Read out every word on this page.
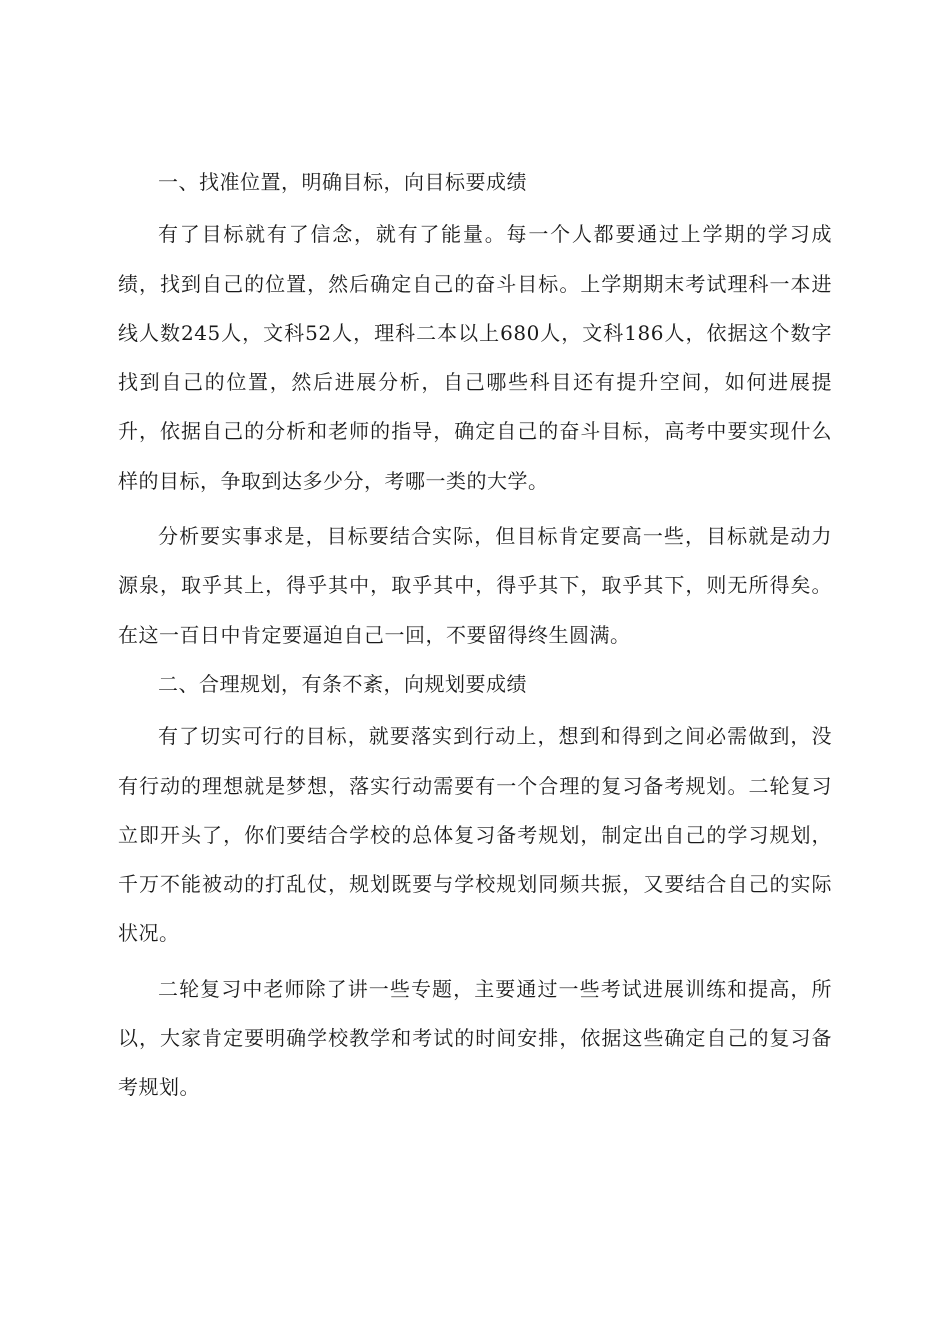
一、找准位置，明确目标，向目标要成绩

有了目标就有了信念，就有了能量。每一个人都要通过上学期的学习成绩，找到自己的位置，然后确定自己的奋斗目标。上学期期末考试理科一本进线人数245人，文科52人，理科二本以上680人，文科186人，依据这个数字找到自己的位置，然后进展分析，自己哪些科目还有提升空间，如何进展提升，依据自己的分析和老师的指导，确定自己的奋斗目标，高考中要实现什么样的目标，争取到达多少分，考哪一类的大学。

分析要实事求是，目标要结合实际，但目标肯定要高一些，目标就是动力源泉，取乎其上，得乎其中，取乎其中，得乎其下，取乎其下，则无所得矣。在这一百日中肯定要逼迫自己一回，不要留得终生圆满。

二、合理规划，有条不紊，向规划要成绩

有了切实可行的目标，就要落实到行动上，想到和得到之间必需做到，没有行动的理想就是梦想，落实行动需要有一个合理的复习备考规划。二轮复习立即开头了，你们要结合学校的总体复习备考规划，制定出自己的学习规划，千万不能被动的打乱仗，规划既要与学校规划同频共振，又要结合自己的实际状况。

二轮复习中老师除了讲一些专题，主要通过一些考试进展训练和提高，所以，大家肯定要明确学校教学和考试的时间安排，依据这些确定自己的复习备考规划。
